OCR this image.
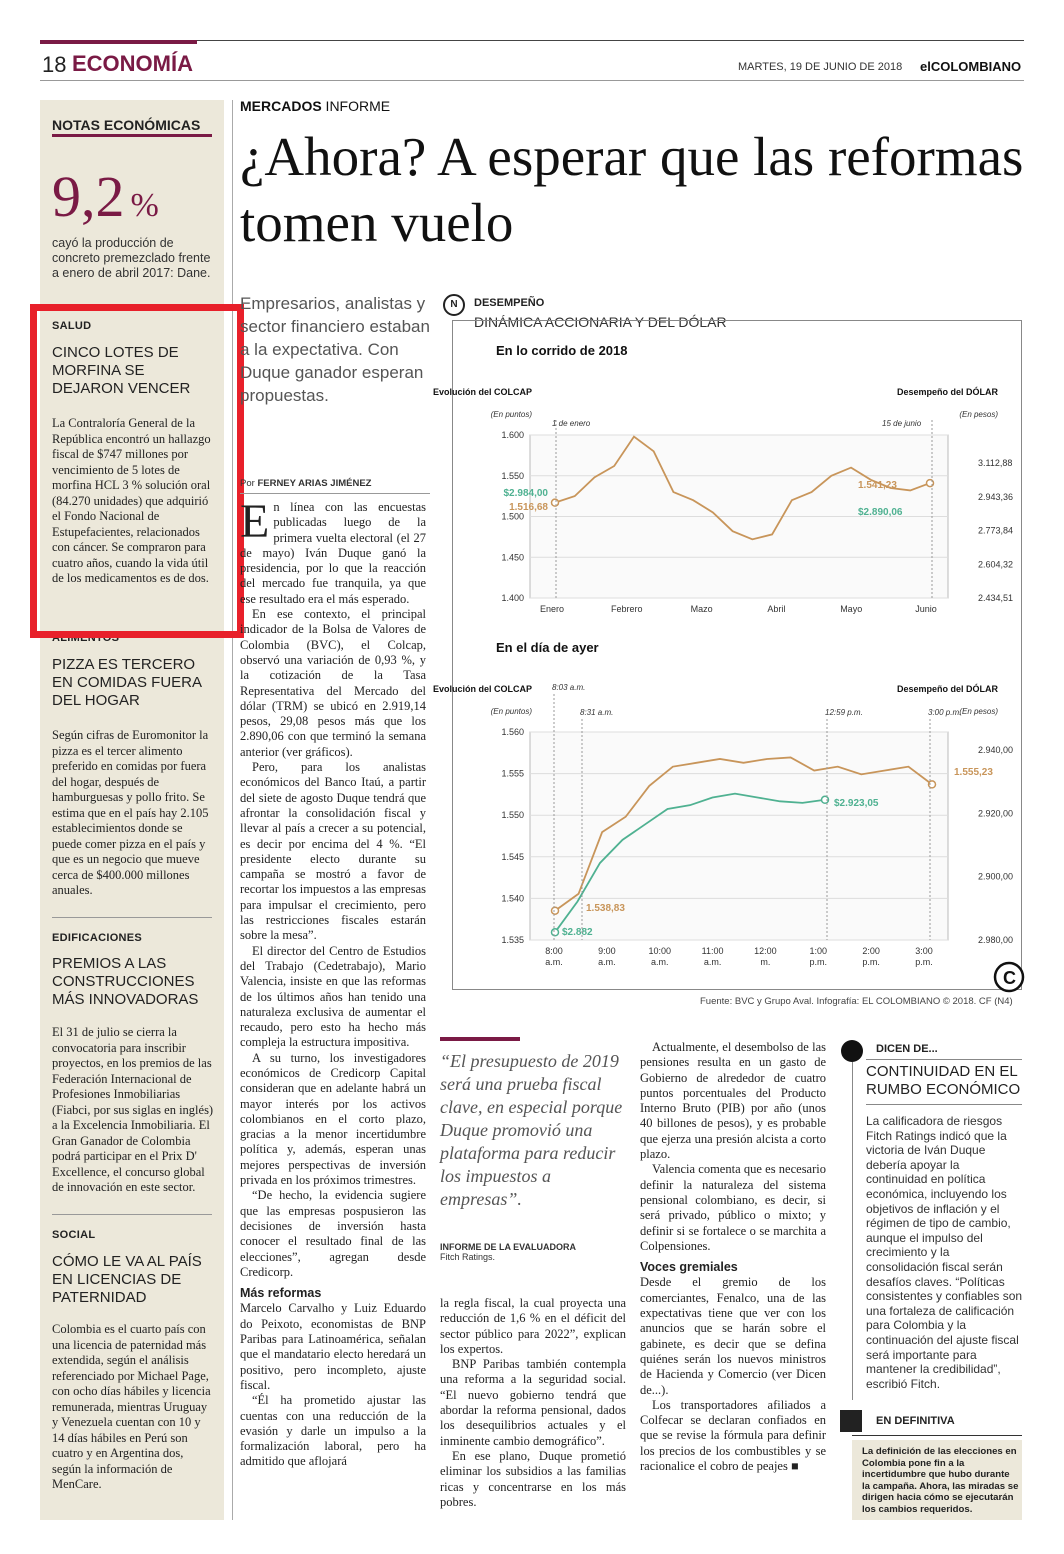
18 ECONOMÍA	MARTES, 19 DE JUNIO DE 2018 elCOLOMBIANO
NOTAS ECONÓMICAS
9,2 %
cayó la producción de concreto premezclado frente a enero de abril 2017: Dane.
SALUD
CINCO LOTES DE MORFINA SE DEJARON VENCER
La Contraloría General de la República encontró un hallazgo fiscal de $747 millones por vencimiento de 5 lotes de morfina HCL 3 % solución oral (84.270 unidades) que adquirió el Fondo Nacional de Estupefacientes, relacionados con cáncer. Se compraron para cuatro años, cuando la vida útil de los medicamentos es de dos.
ALIMENTOS
PIZZA ES TERCERO EN COMIDAS FUERA DEL HOGAR
Según cifras de Euromonitor la pizza es el tercer alimento preferido en comidas por fuera del hogar, después de hamburguesas y pollo frito. Se estima que en el país hay 2.105 establecimientos donde se puede comer pizza en el país y que es un negocio que mueve cerca de $400.000 millones anuales.
EDIFICACIONES
PREMIOS A LAS CONSTRUCCIONES MÁS INNOVADORAS
El 31 de julio se cierra la convocatoria para inscribir proyectos, en los premios de las Federación Internacional de Profesiones Inmobiliarias (Fiabci, por sus siglas en inglés) a la Excelencia Inmobiliaria. El Gran Ganador de Colombia podrá participar en el Prix D' Excellence, el concurso global de innovación en este sector.
SOCIAL
CÓMO LE VA AL PAÍS EN LICENCIAS DE PATERNIDAD
Colombia es el cuarto país con una licencia de paternidad más extendida, según el análisis referenciado por Michael Page, con ocho días hábiles y licencia remunerada, mientras Uruguay y Venezuela cuentan con 10 y 14 días hábiles en Perú son cuatro y en Argentina dos, según la información de MenCare.
MERCADOS INFORME
¿Ahora? A esperar que las reformas tomen vuelo
Empresarios, analistas y sector financiero estaban a la expectativa. Con Duque ganador esperan propuestas.
Por FERNEY ARIAS JIMÉNEZ

En línea con las encuestas publicadas luego de la primera vuelta electoral (el 27 de mayo) Iván Duque ganó la presidencia, por lo que la reacción del mercado fue tranquila, ya que ese resultado era el más esperado.

En ese contexto, el principal indicador de la Bolsa de Valores de Colombia (BVC), el Colcap, observó una variación de 0,93 %, y la cotización de la Tasa Representativa del Mercado del dólar (TRM) se ubicó en 2.919,14 pesos, 29,08 pesos más que los 2.890,06 con que terminó la semana anterior (ver gráficos).

Pero, para los analistas económicos del Banco Itaú, a partir del siete de agosto Duque tendrá que afrontar la consolidación fiscal y llevar al país a crecer a su potencial, es decir por encima del 4 %. “El presidente electo durante su campaña se mostró a favor de recortar los impuestos a las empresas para impulsar el crecimiento, pero las restricciones fiscales estarán sobre la mesa”.

El director del Centro de Estudios del Trabajo (Cedetrabajo), Mario Valencia, insiste en que las reformas de los últimos años han tenido una naturaleza exclusiva de aumentar el recaudo, pero esto ha hecho más compleja la estructura impositiva.

A su turno, los investigadores económicos de Credicorp Capital consideran que en adelante habrá un mayor interés por los activos colombianos en el corto plazo, gracias a la menor incertidumbre política y, además, esperan unas mejores perspectivas de inversión privada en los próximos trimestres.

“De hecho, la evidencia sugiere que las empresas pospusieron las decisiones de inversión hasta conocer el resultado final de las elecciones”, agregan desde Credicorp.

Más reformas

Marcelo Carvalho y Luiz Eduardo do Peixoto, economistas de BNP Paribas para Latinoamérica, señalan que el mandatario electo heredará un positivo, pero incompleto, ajuste fiscal.

“Él ha prometido ajustar las cuentas con una reducción de la evasión y darle un impulso a la formalización laboral, pero ha admitido que aflojará

la regla fiscal, la cual proyecta una reducción de 1,6 % en el déficit del sector público para 2022”, explican los expertos.

BNP Paribas también contempla una reforma a la seguridad social. “El nuevo gobierno tendrá que abordar la reforma pensional, dados los desequilibrios actuales y el inminente cambio demográfico”.

En ese plano, Duque prometió eliminar los subsidios a las familias ricas y concentrarse en los más pobres.

Actualmente, el desembolso de las pensiones resulta en un gasto de Gobierno de alrededor de cuatro puntos porcentuales del Producto Interno Bruto (PIB) por año (unos 40 billones de pesos), y es probable que ejerza una presión alcista a corto plazo.

Valencia comenta que es necesario definir la naturaleza del sistema pensional colombiano, es decir, si será privado, público o mixto; y definir si se fortalece o se marchita a Colpensiones.

Voces gremiales

Desde el gremio de los comerciantes, Fenalco, una de las expectativas tiene que ver con los anuncios que se harán sobre el gabinete, es decir que se defina quiénes serán los nuevos ministros de Hacienda y Comercio (ver Dicen de...).

Los transportadores afiliados a Colfecar se declaran confiados en que se revise la fórmula para definir los precios de los combustibles y se racionalice el cobro de peajes ■

N	DESEMPEÑO
DINÁMICA ACCIONARIA Y DEL DÓLAR
En lo corrido de 2018
Evolución del COLCAP
(En puntos)
Desempeño del DÓLAR
(En pesos)
1.600
1.550
1.500
1.450
1.400
3.112,88
2.943,36
2.773,84
2.604,32
2.434,51
Enero	Febrero	Mazo	Abril	Mayo	Junio
1.516,68
1.541,23
$2.984,00
$2.890,06
1 de enero	15 de junio
En el día de ayer
Evolución del COLCAP
(En puntos)
Desempeño del DÓLAR
(En pesos)
1.560
1.555
1.550
1.545
1.540
1.535
2.940,00
2.920,00
2.900,00
2.980,00
8:00
a.m.
9:00
a.m.
10:00
a.m.
11:00
a.m.
12:00
m.
1:00
p.m.
2:00
p.m.
3:00
p.m.
1.538,83
1.555,23
$2.882
$2.923,05
8:03 a.m.
8:31 a.m.	12:59 p.m.	3:00 p.m.
C
Fuente: BVC y Grupo Aval. Infografía: EL COLOMBIANO © 2018. CF (N4)
“El presupuesto de 2019 será una prueba fiscal clave, en especial porque Duque promovió una plataforma para reducir los impuestos a empresas”.
INFORME DE LA EVALUADORA
Fitch Ratings.
DICEN DE...
CONTINUIDAD EN EL RUMBO ECONÓMICO
La calificadora de riesgos Fitch Ratings indicó que la victoria de Iván Duque debería apoyar la continuidad en política económica, incluyendo los objetivos de inflación y el régimen de tipo de cambio, aunque el impulso del crecimiento y la consolidación fiscal serán desafíos claves. “Políticas consistentes y confiables son una fortaleza de calificación para Colombia y la continuación del ajuste fiscal será importante para mantener la credibilidad”, escribió Fitch.
EN DEFINITIVA
La definición de las elecciones en Colombia pone fin a la incertidumbre que hubo durante la campaña. Ahora, las miradas se dirigen hacia cómo se ejecutarán los cambios requeridos.
